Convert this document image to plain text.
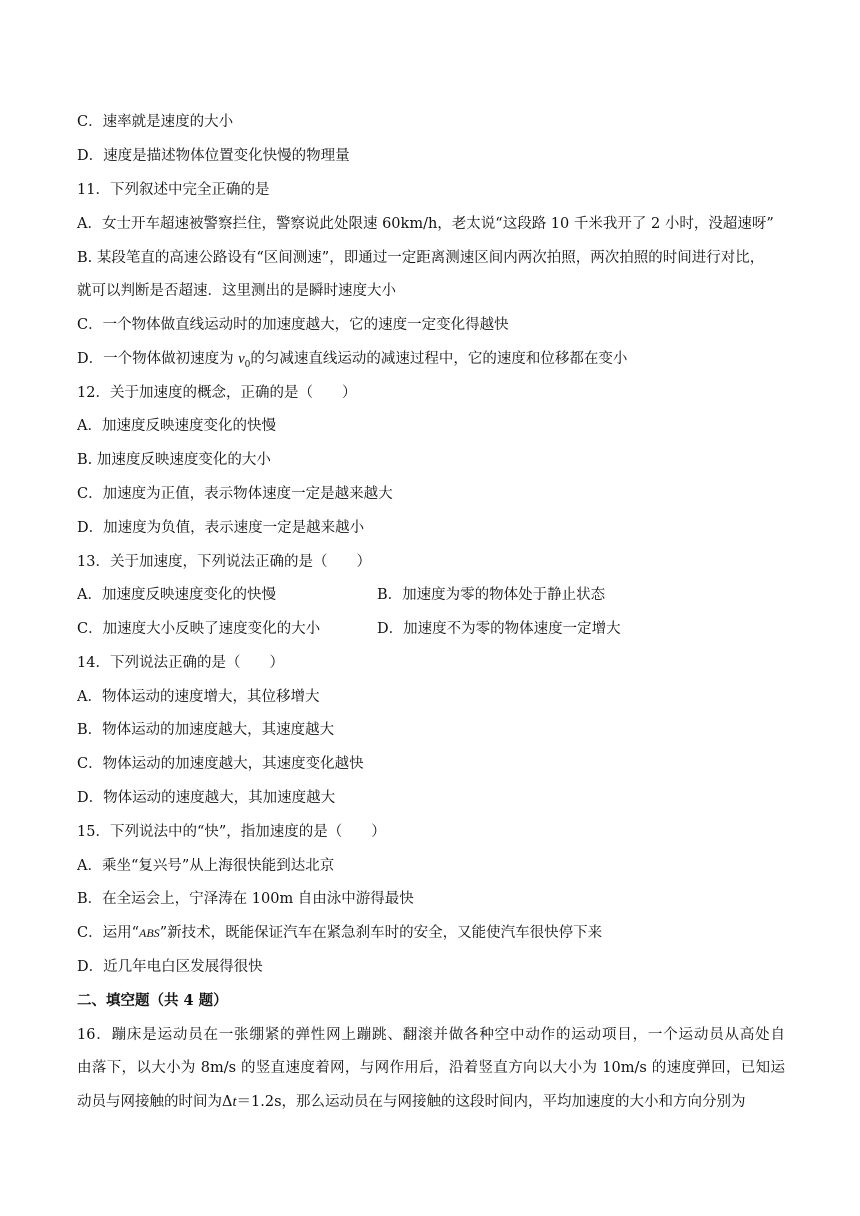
C．速率就是速度的大小
D．速度是描述物体位置变化快慢的物理量
11．下列叙述中完全正确的是
A．女士开车超速被警察拦住，警察说此处限速 60km/h，老太说“这段路 10 千米我开了 2 小时，没超速呀”
B. 某段笔直的高速公路设有“区间测速”，即通过一定距离测速区间内两次拍照，两次拍照的时间进行对比，
就可以判断是否超速．这里测出的是瞬时速度大小
C．一个物体做直线运动时的加速度越大，它的速度一定变化得越快
D．一个物体做初速度为 $v_0$的匀减速直线运动的减速过程中，它的速度和位移都在变小
12．关于加速度的概念，正确的是（　　）
A．加速度反映速度变化的快慢
B. 加速度反映速度变化的大小
C．加速度为正值，表示物体速度一定是越来越大
D．加速度为负值，表示速度一定是越来越小
13．关于加速度，下列说法正确的是（　　）
A．加速度反映速度变化的快慢	B．加速度为零的物体处于静止状态
C．加速度大小反映了速度变化的大小	D．加速度不为零的物体速度一定增大
14．下列说法正确的是（　　）
A．物体运动的速度增大，其位移增大
B．物体运动的加速度越大，其速度越大
C．物体运动的加速度越大，其速度变化越快
D．物体运动的速度越大，其加速度越大
15．下列说法中的“快”，指加速度的是（　　）
A．乘坐“复兴号”从上海很快能到达北京
B．在全运会上，宁泽涛在 100m 自由泳中游得最快
C．运用“ABS”新技术，既能保证汽车在紧急刹车时的安全，又能使汽车很快停下来
D．近几年电白区发展得很快
二、填空题（共 4 题）
16．蹦床是运动员在一张绷紧的弹性网上蹦跳、翻滚并做各种空中动作的运动项目，一个运动员从高处自
由落下，以大小为 8m/s 的竖直速度着网，与网作用后，沿着竖直方向以大小为 10m/s 的速度弹回，已知运
动员与网接触的时间为Δt＝1.2s，那么运动员在与网接触的这段时间内，平均加速度的大小和方向分别为
